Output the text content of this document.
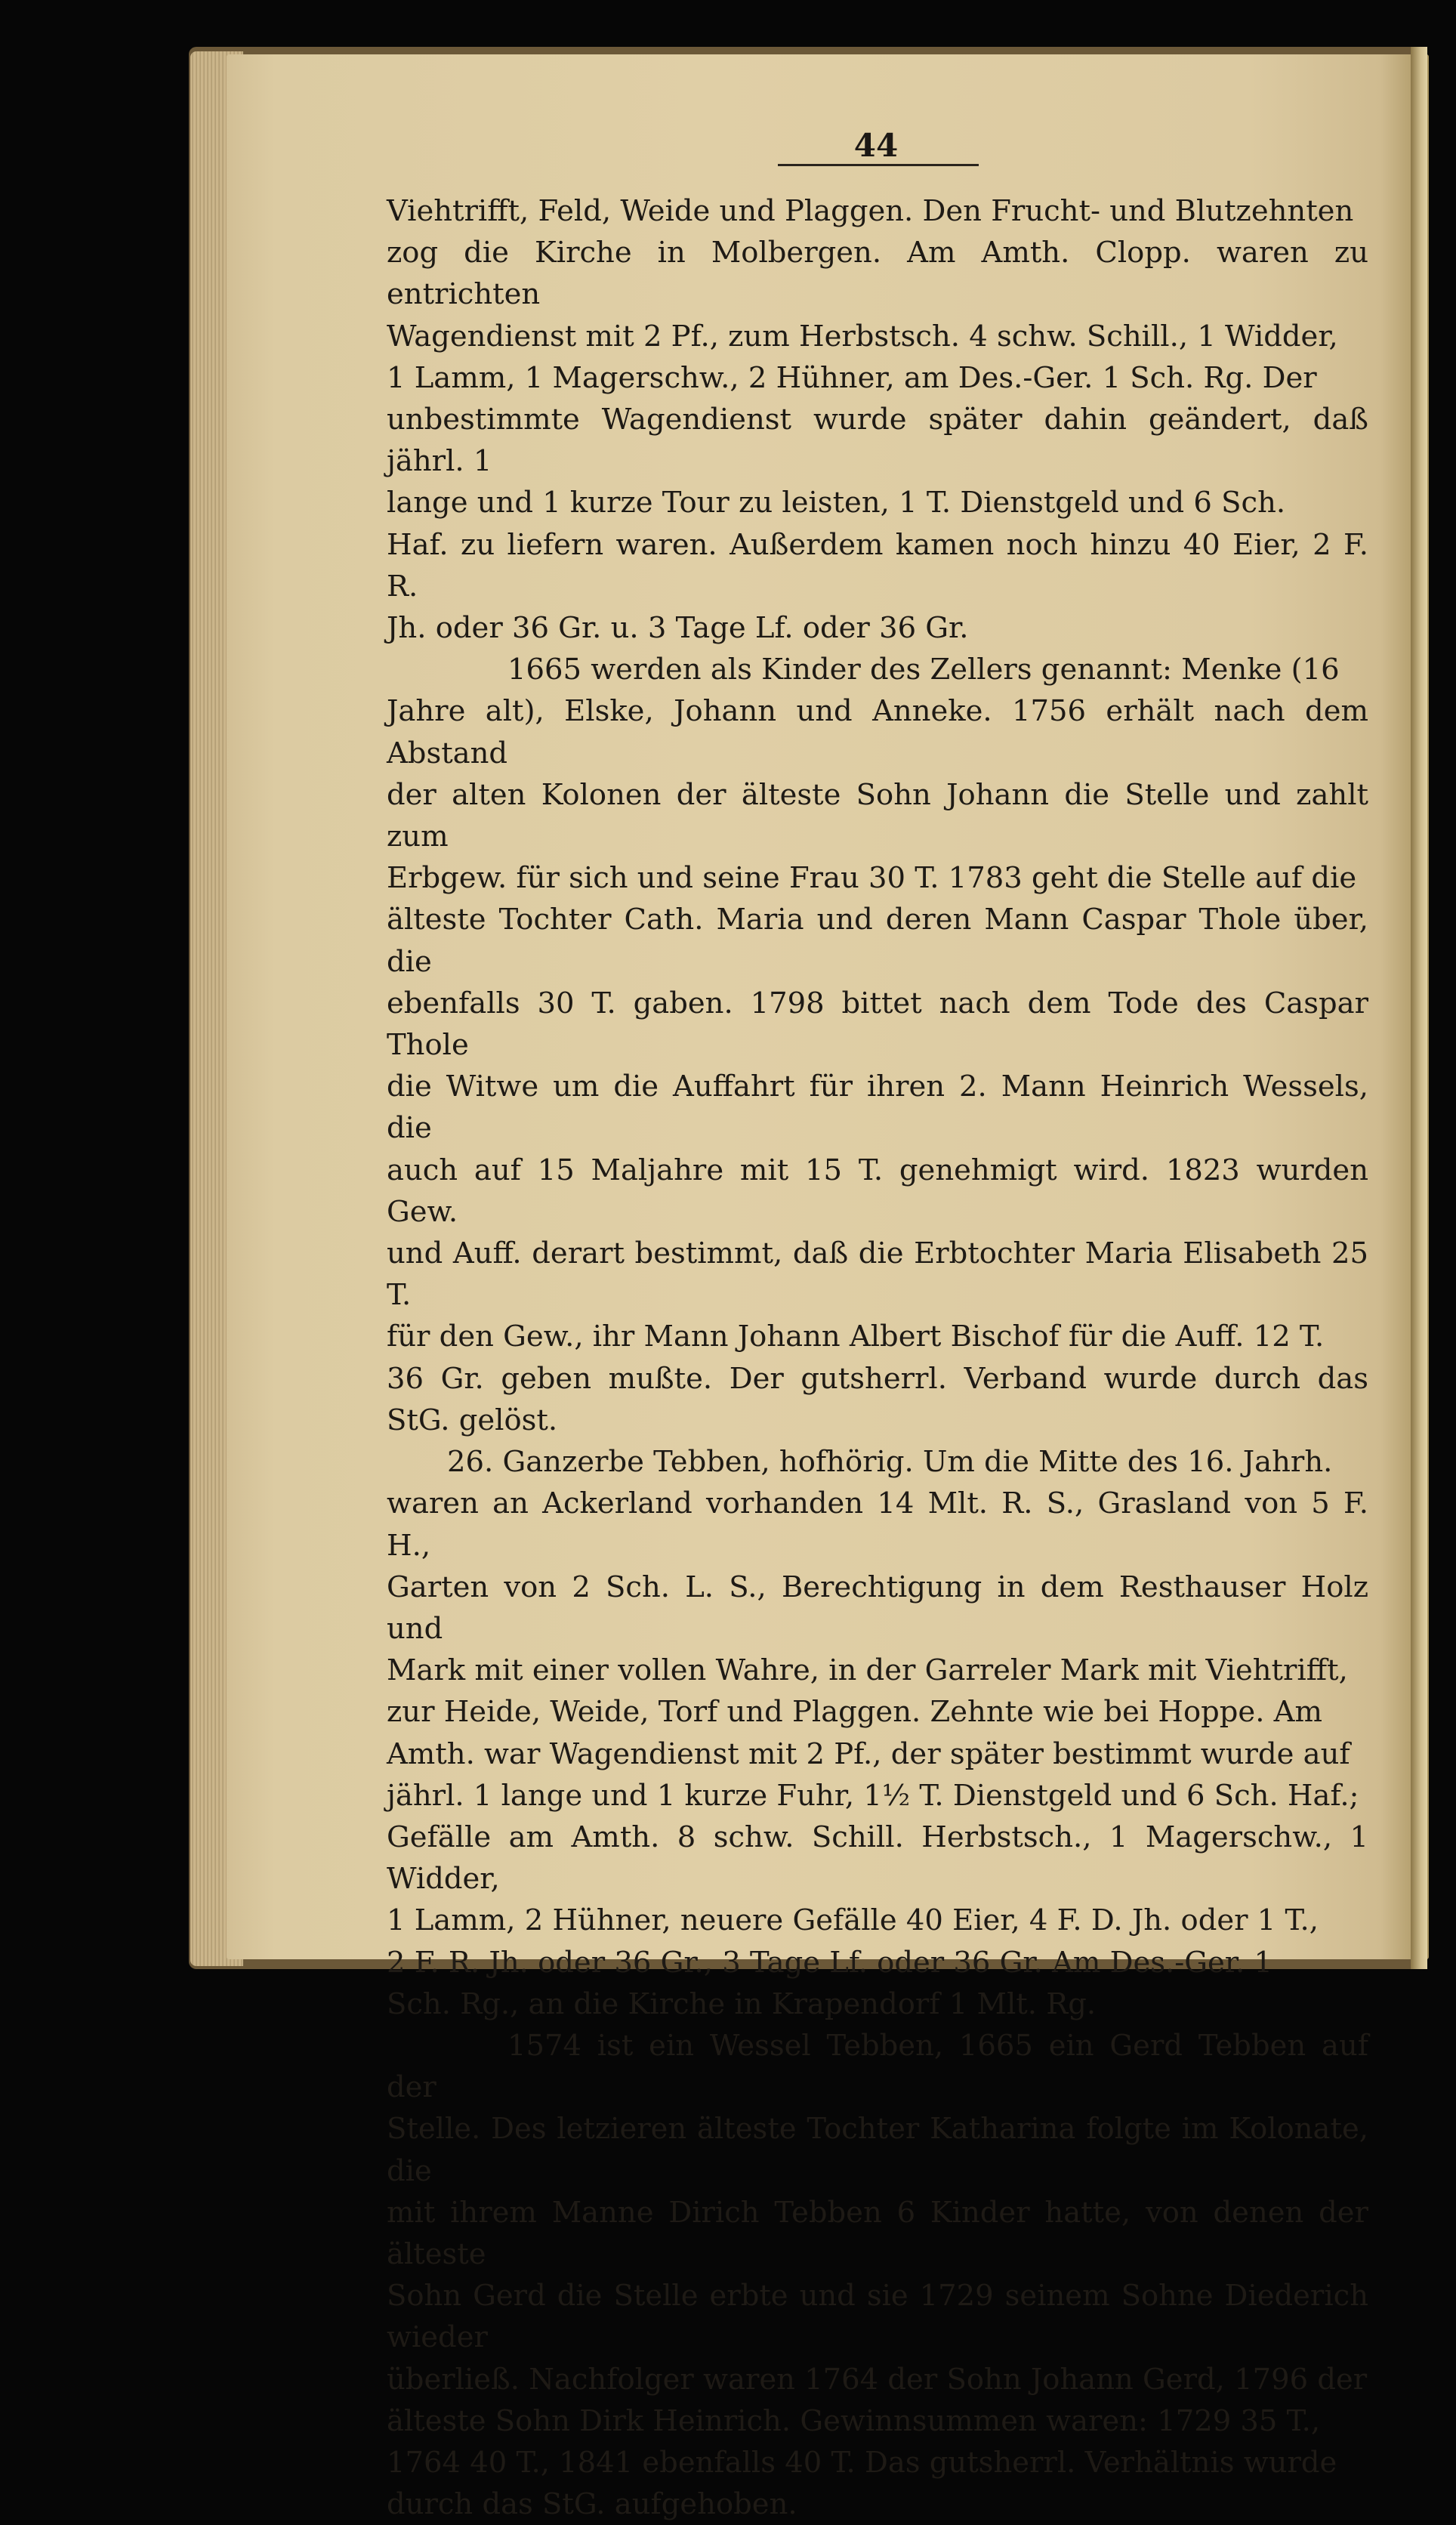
44

Viehtrifft, Feld, Weide und Plaggen. Den Frucht- und Blutzehnten
zog die Kirche in Molbergen. Am Amth. Clopp. waren zu entrichten
Wagendienst mit 2 Pf., zum Herbstsch. 4 schw. Schill., 1 Widder,
1 Lamm, 1 Magerschw., 2 Hühner, am Des.-Ger. 1 Sch. Rg. Der
unbestimmte Wagendienst wurde später dahin geändert, daß jährl. 1
lange und 1 kurze Tour zu leisten, 1 T. Dienstgeld und 6 Sch.
Haf. zu liefern waren. Außerdem kamen noch hinzu 40 Eier, 2 F. R.
Jh. oder 36 Gr. u. 3 Tage Lf. oder 36 Gr.

1665 werden als Kinder des Zellers genannt: Menke (16
Jahre alt), Elske, Johann und Anneke. 1756 erhält nach dem Abstand
der alten Kolonen der älteste Sohn Johann die Stelle und zahlt zum
Erbgew. für sich und seine Frau 30 T. 1783 geht die Stelle auf die
älteste Tochter Cath. Maria und deren Mann Caspar Thole über, die
ebenfalls 30 T. gaben. 1798 bittet nach dem Tode des Caspar Thole
die Witwe um die Auffahrt für ihren 2. Mann Heinrich Wessels, die
auch auf 15 Maljahre mit 15 T. genehmigt wird. 1823 wurden Gew.
und Auff. derart bestimmt, daß die Erbtochter Maria Elisabeth 25 T.
für den Gew., ihr Mann Johann Albert Bischof für die Auff. 12 T.
36 Gr. geben mußte. Der gutsherrl. Verband wurde durch das StG. gelöst.

26. Ganzerbe Tebben, hofhörig. Um die Mitte des 16. Jahrh.
waren an Ackerland vorhanden 14 Mlt. R. S., Grasland von 5 F. H.,
Garten von 2 Sch. L. S., Berechtigung in dem Resthauser Holz und
Mark mit einer vollen Wahre, in der Garreler Mark mit Viehtrifft,
zur Heide, Weide, Torf und Plaggen. Zehnte wie bei Hoppe. Am
Amth. war Wagendienst mit 2 Pf., der später bestimmt wurde auf
jährl. 1 lange und 1 kurze Fuhr, 1½ T. Dienstgeld und 6 Sch. Haf.;
Gefälle am Amth. 8 schw. Schill. Herbstsch., 1 Magerschw., 1 Widder,
1 Lamm, 2 Hühner, neuere Gefälle 40 Eier, 4 F. D. Jh. oder 1 T.,
2 F. R. Jh. oder 36 Gr., 3 Tage Lf. oder 36 Gr. Am Des.-Ger. 1
Sch. Rg., an die Kirche in Krapendorf 1 Mlt. Rg.

1574 ist ein Wessel Tebben, 1665 ein Gerd Tebben auf der
Stelle. Des letzieren älteste Tochter Katharina folgte im Kolonate, die
mit ihrem Manne Dirich Tebben 6 Kinder hatte, von denen der älteste
Sohn Gerd die Stelle erbte und sie 1729 seinem Sohne Diederich wieder
überließ. Nachfolger waren 1764 der Sohn Johann Gerd, 1796 der
älteste Sohn Dirk Heinrich. Gewinnsummen waren: 1729 35 T.,
1764 40 T., 1841 ebenfalls 40 T. Das gutsherrl. Verhältnis wurde
durch das StG. aufgehoben.
